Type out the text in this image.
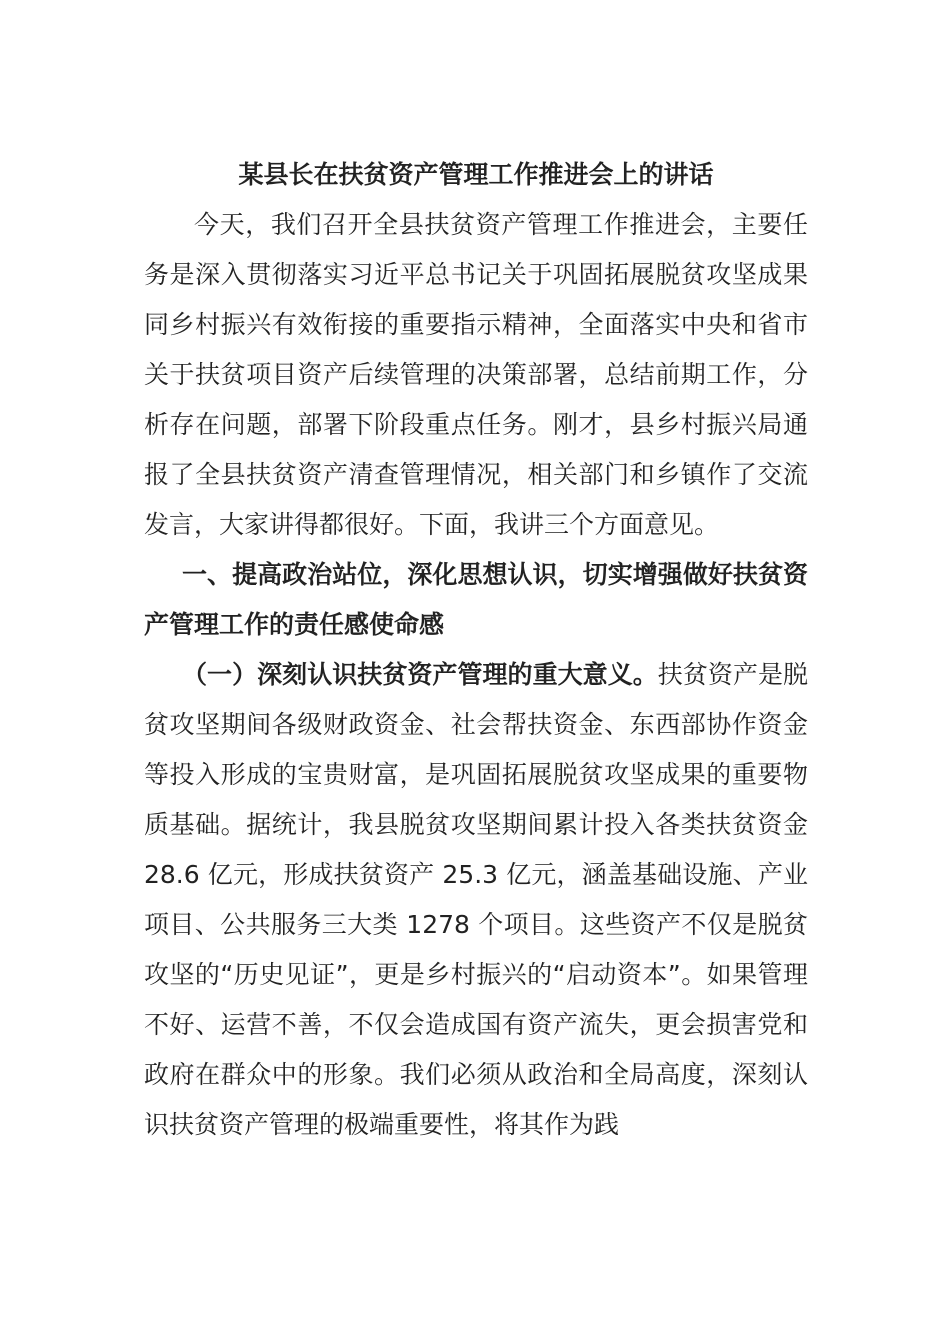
某县长在扶贫资产管理工作推进会上的讲话

今天，我们召开全县扶贫资产管理工作推进会，主要任务是深入贯彻落实习近平总书记关于巩固拓展脱贫攻坚成果同乡村振兴有效衔接的重要指示精神，全面落实中央和省市关于扶贫项目资产后续管理的决策部署，总结前期工作，分析存在问题，部署下阶段重点任务。刚才，县乡村振兴局通报了全县扶贫资产清查管理情况，相关部门和乡镇作了交流发言，大家讲得都很好。下面，我讲三个方面意见。

一、提高政治站位，深化思想认识，切实增强做好扶贫资产管理工作的责任感使命感

（一）深刻认识扶贫资产管理的重大意义。扶贫资产是脱贫攻坚期间各级财政资金、社会帮扶资金、东西部协作资金等投入形成的宝贵财富，是巩固拓展脱贫攻坚成果的重要物质基础。据统计，我县脱贫攻坚期间累计投入各类扶贫资金 28.6 亿元，形成扶贫资产 25.3 亿元，涵盖基础设施、产业项目、公共服务三大类 1278 个项目。这些资产不仅是脱贫攻坚的“历史见证”，更是乡村振兴的“启动资本”。如果管理不好、运营不善，不仅会造成国有资产流失，更会损害党和政府在群众中的形象。我们必须从政治和全局高度，深刻认识扶贫资产管理的极端重要性，将其作为践
